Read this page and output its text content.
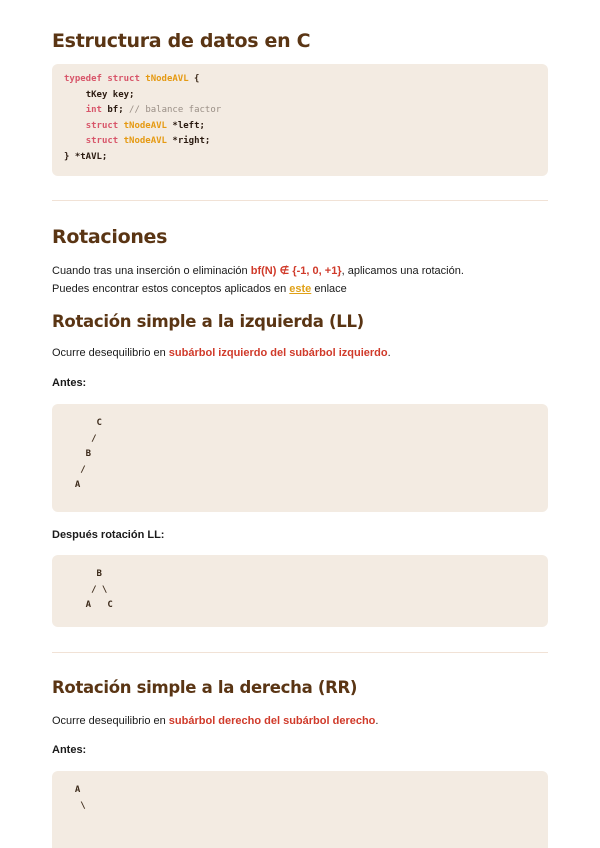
Estructura de datos en C
typedef struct tNodeAVL {
tKey key;
int bf; // balance factor
struct tNodeAVL *left;
struct tNodeAVL *right;
} *tAVL;
Rotaciones

Cuando tras una inserción o eliminación bf(N) ∉ {-1, 0, +1}, aplicamos una rotación.

Puedes encontrar estos conceptos aplicados en este enlace

Rotación simple a la izquierda (LL)

Ocurre desequilibrio en subárbol izquierdo del subárbol izquierdo.

Antes:

C
/
B
/
A

Después rotación LL:

B
/ \
A   C
Rotación simple a la derecha (RR)

Ocurre desequilibrio en subárbol derecho del subárbol derecho.

Antes:

A
\
